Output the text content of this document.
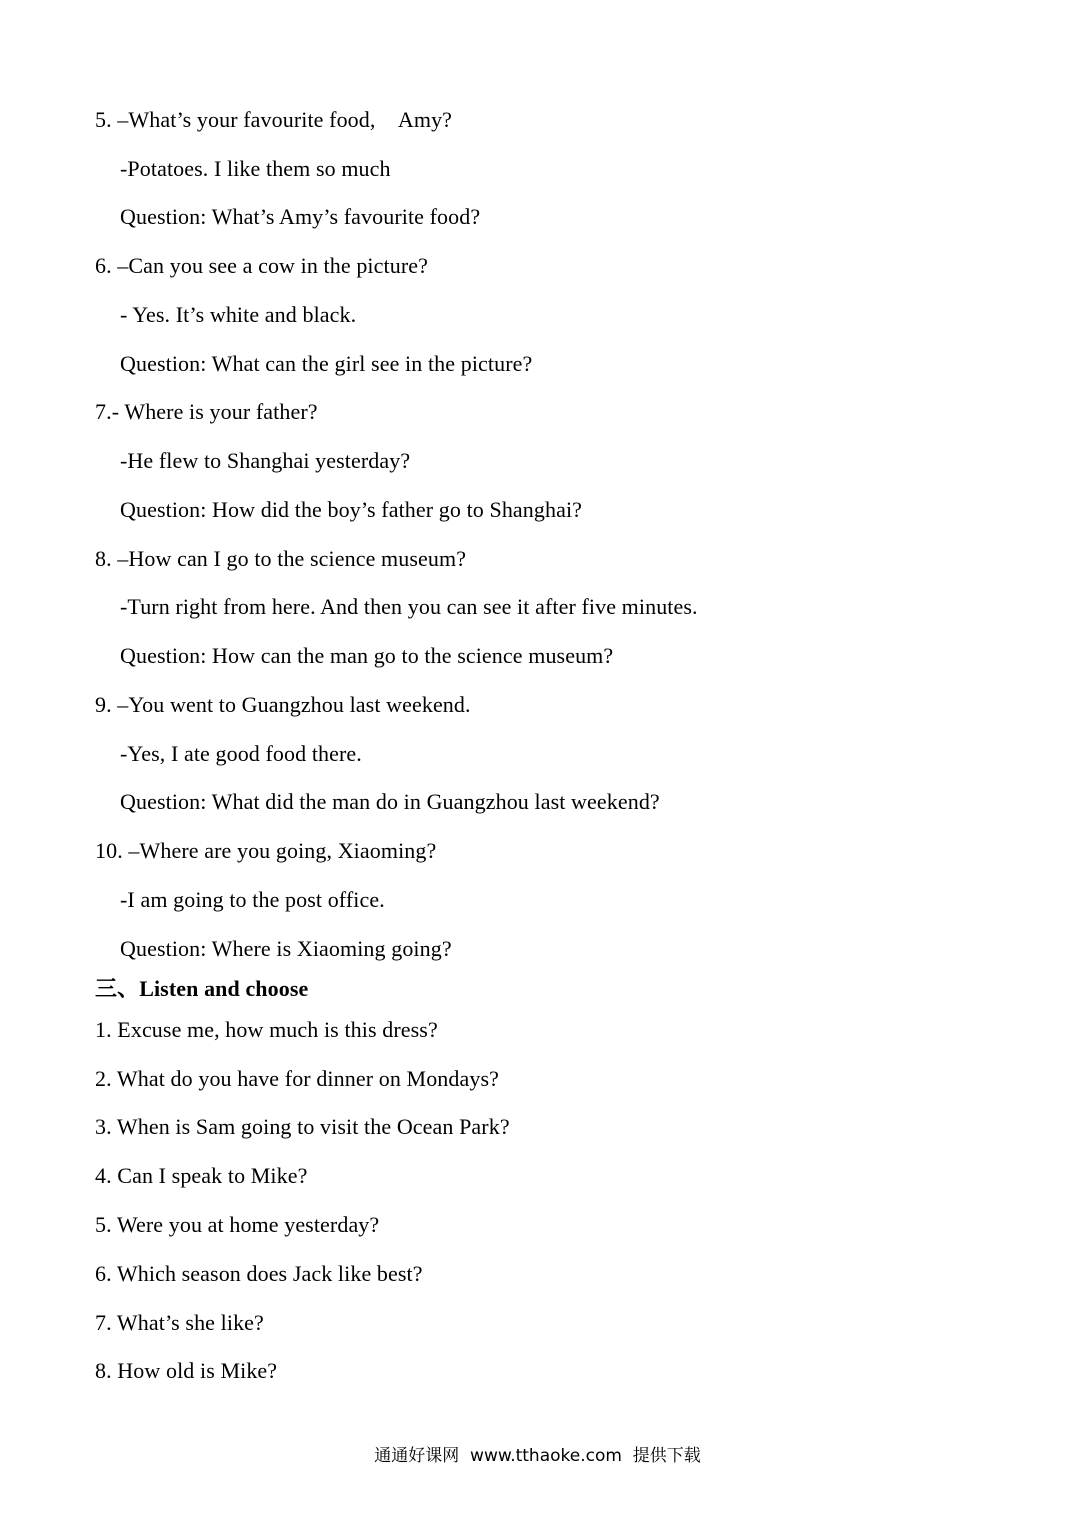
5. –What’s your favourite food,    Amy?
-Potatoes. I like them so much
Question: What’s Amy’s favourite food?
6. –Can you see a cow in the picture?
- Yes. It’s white and black.
Question: What can the girl see in the picture?
7.- Where is your father?
-He flew to Shanghai yesterday?
Question: How did the boy’s father go to Shanghai?
8. –How can I go to the science museum?
-Turn right from here. And then you can see it after five minutes.
Question: How can the man go to the science museum?
9. –You went to Guangzhou last weekend.
-Yes, I ate good food there.
Question: What did the man do in Guangzhou last weekend?
10. –Where are you going, Xiaoming?
-I am going to the post office.
Question: Where is Xiaoming going?
三、Listen and choose
1. Excuse me, how much is this dress?
2. What do you have for dinner on Mondays?
3. When is Sam going to visit the Ocean Park?
4. Can I speak to Mike?
5. Were you at home yesterday?
6. Which season does Jack like best?
7. What’s she like?
8. How old is Mike?
通通好课网  www.tthaoke.com  提供下载
